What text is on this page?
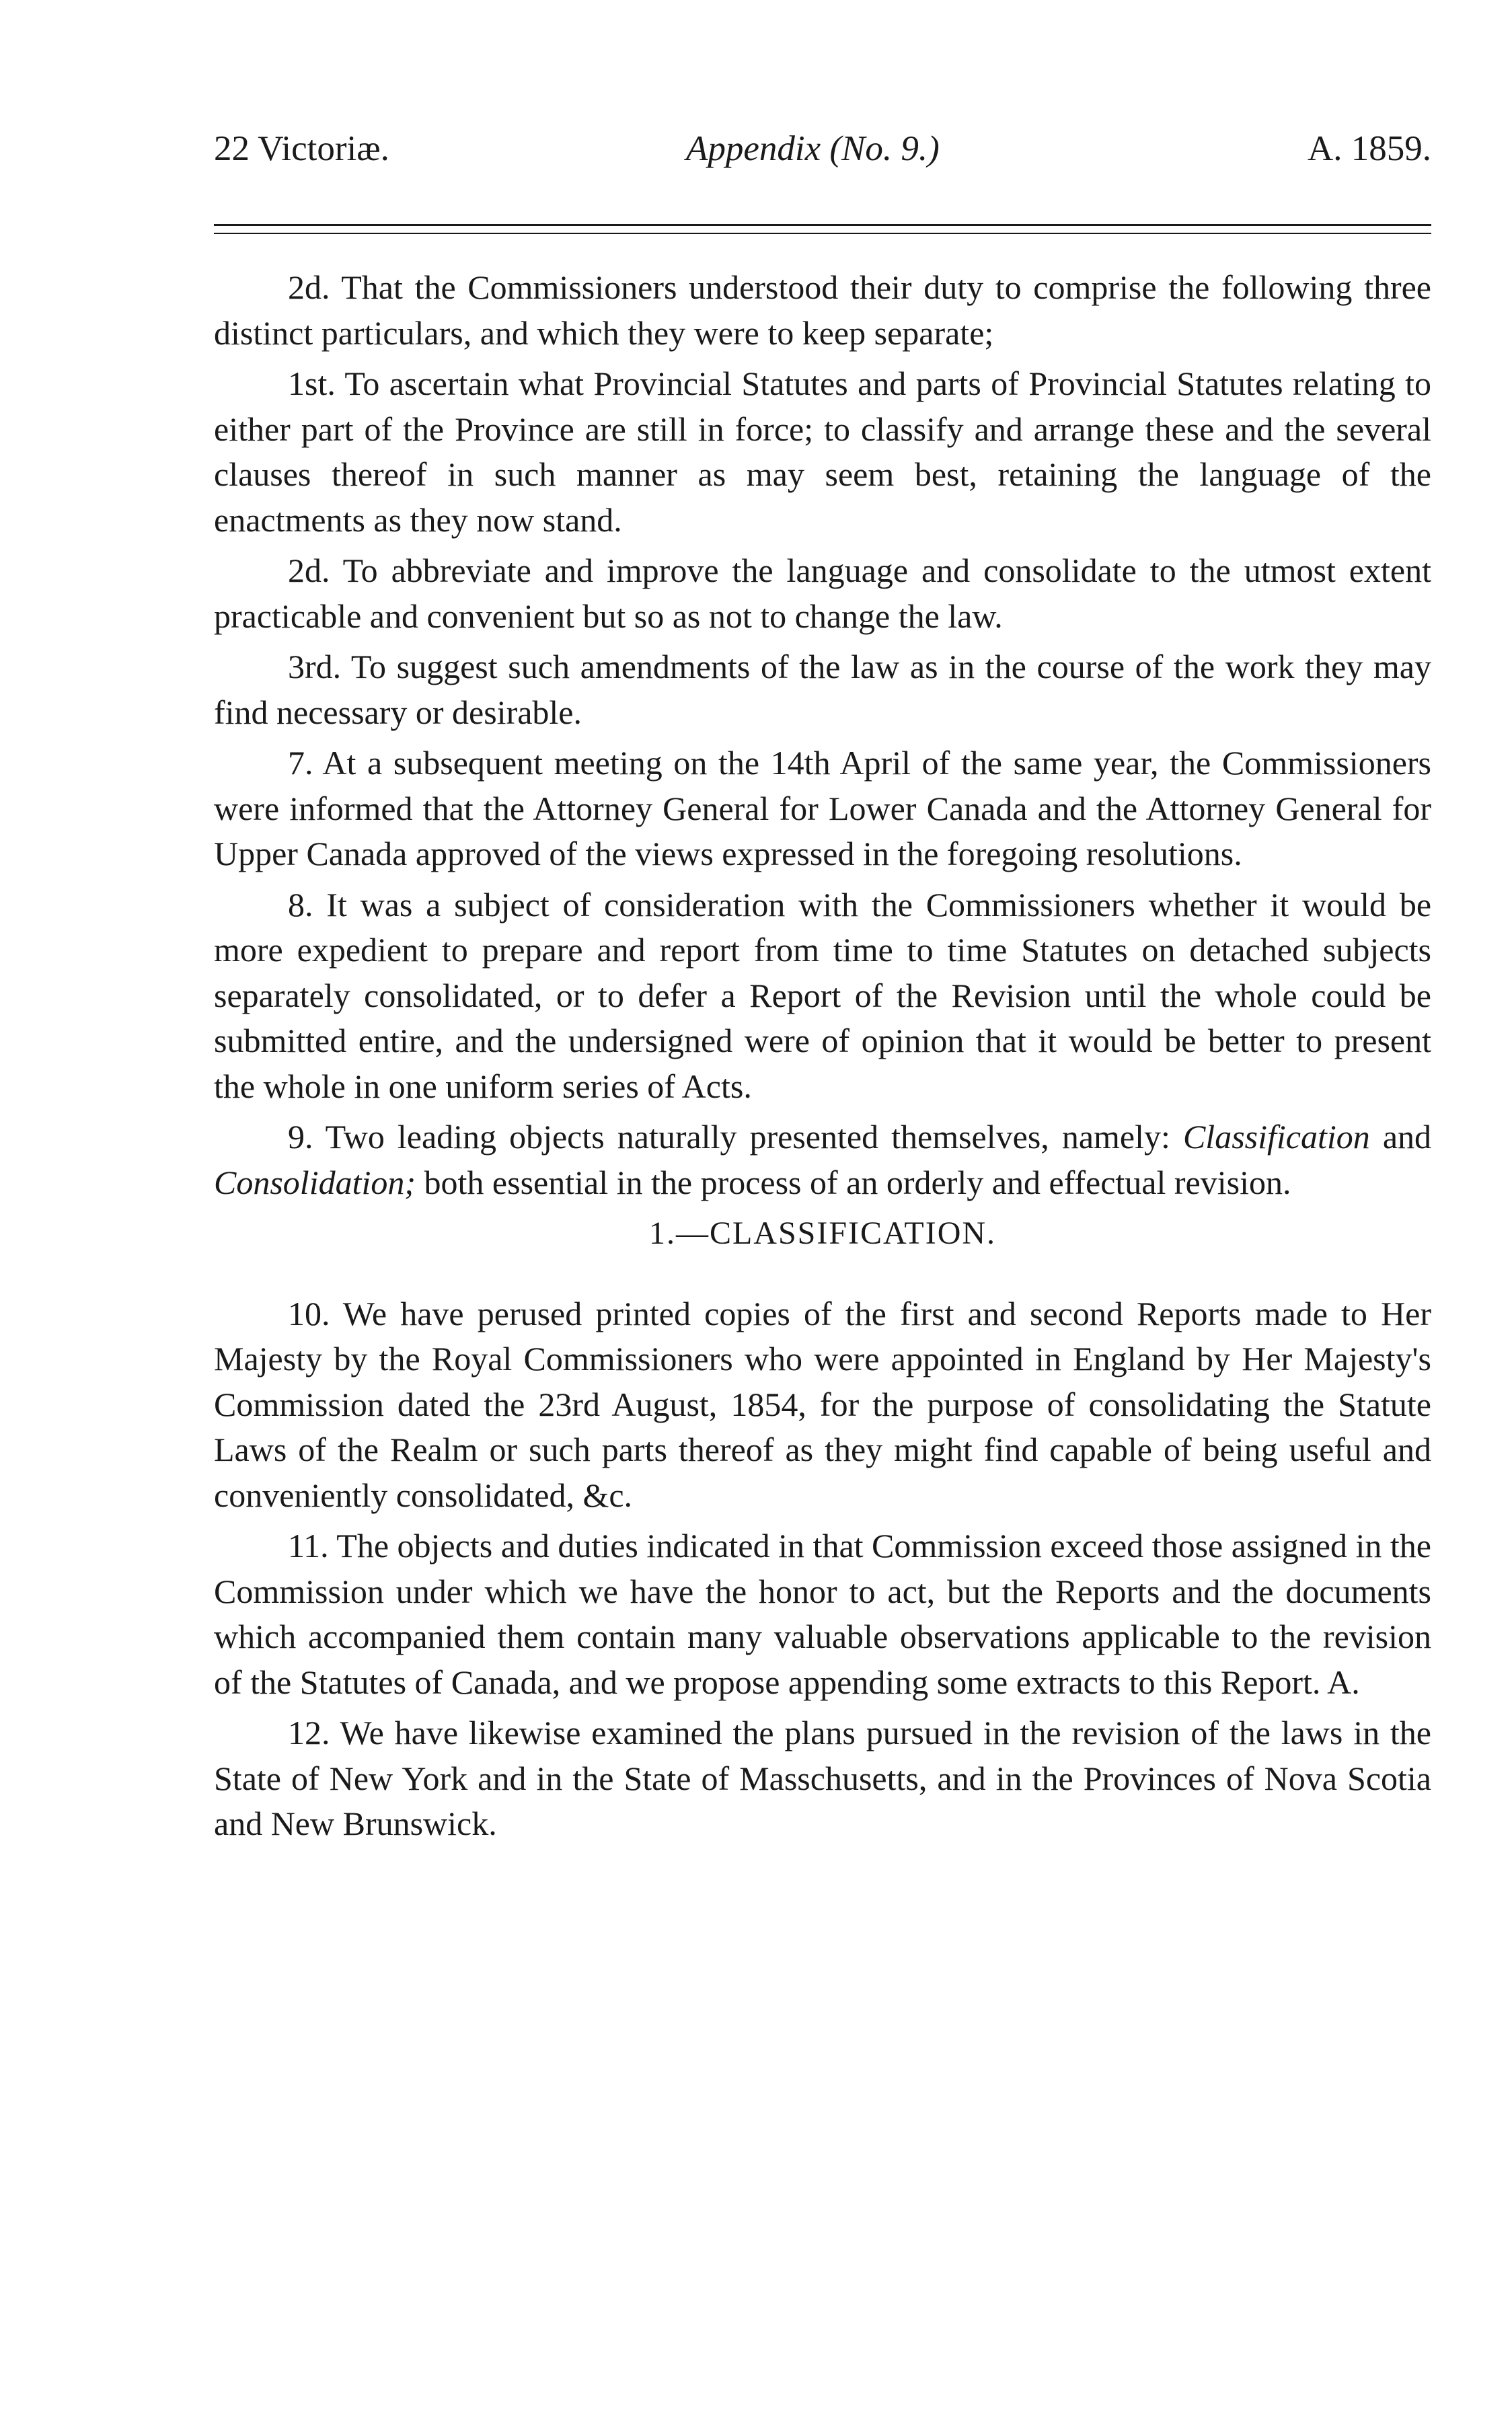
22 Victoriæ.	Appendix (No. 9.)	A. 1859.

2d. That the Commissioners understood their duty to comprise the following three distinct particulars, and which they were to keep separate;

1st. To ascertain what Provincial Statutes and parts of Provincial Statutes relating to either part of the Province are still in force; to classify and arrange these and the several clauses thereof in such manner as may seem best, retaining the language of the enactments as they now stand.

2d. To abbreviate and improve the language and consolidate to the utmost extent practicable and convenient but so as not to change the law.

3rd. To suggest such amendments of the law as in the course of the work they may find necessary or desirable.

7. At a subsequent meeting on the 14th April of the same year, the Commissioners were informed that the Attorney General for Lower Canada and the Attorney General for Upper Canada approved of the views expressed in the foregoing resolutions.

8. It was a subject of consideration with the Commissioners whether it would be more expedient to prepare and report from time to time Statutes on detached subjects separately consolidated, or to defer a Report of the Revision until the whole could be submitted entire, and the undersigned were of opinion that it would be better to present the whole in one uniform series of Acts.

9. Two leading objects naturally presented themselves, namely: Classification and Consolidation; both essential in the process of an orderly and effectual revision.

1.—CLASSIFICATION.

10. We have perused printed copies of the first and second Reports made to Her Majesty by the Royal Commissioners who were appointed in England by Her Majesty's Commission dated the 23rd August, 1854, for the purpose of consolidating the Statute Laws of the Realm or such parts thereof as they might find capable of being useful and conveniently consolidated, &c.

11. The objects and duties indicated in that Commission exceed those assigned in the Commission under which we have the honor to act, but the Reports and the documents which accompanied them contain many valuable observations applicable to the revision of the Statutes of Canada, and we propose appending some extracts to this Report. A.

12. We have likewise examined the plans pursued in the revision of the laws in the State of New York and in the State of Masschusetts, and in the Provinces of Nova Scotia and New Brunswick.
